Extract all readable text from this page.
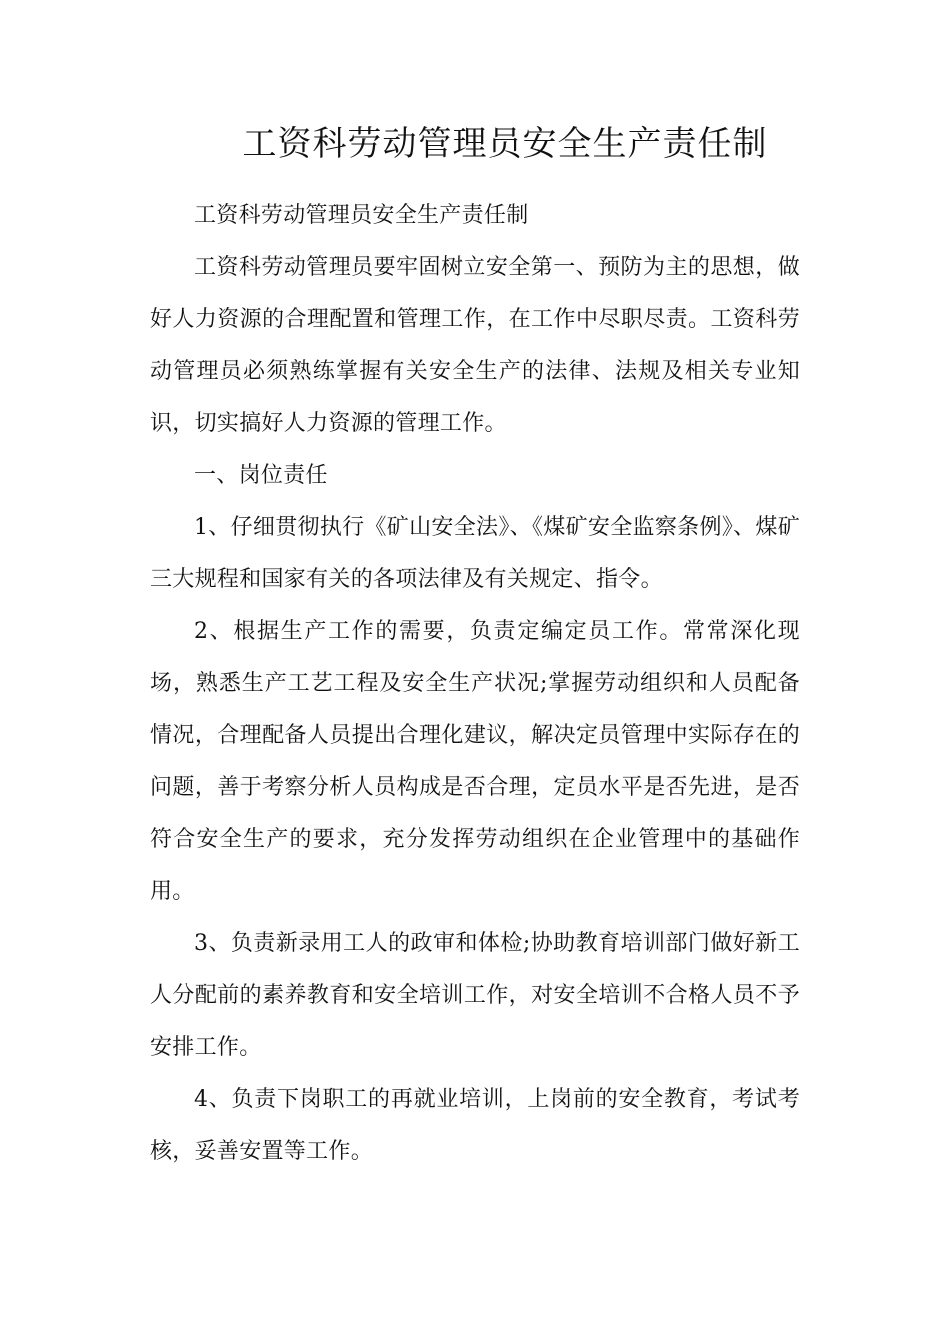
工资科劳动管理员安全生产责任制

工资科劳动管理员安全生产责任制

工资科劳动管理员要牢固树立安全第一、预防为主的思想，做好人力资源的合理配置和管理工作，在工作中尽职尽责。工资科劳动管理员必须熟练掌握有关安全生产的法律、法规及相关专业知识，切实搞好人力资源的管理工作。

一、岗位责任

1、仔细贯彻执行《矿山安全法》、《煤矿安全监察条例》、煤矿三大规程和国家有关的各项法律及有关规定、指令。

2、根据生产工作的需要，负责定编定员工作。常常深化现场，熟悉生产工艺工程及安全生产状况;掌握劳动组织和人员配备情况，合理配备人员提出合理化建议，解决定员管理中实际存在的问题，善于考察分析人员构成是否合理，定员水平是否先进，是否符合安全生产的要求，充分发挥劳动组织在企业管理中的基础作用。

3、负责新录用工人的政审和体检;协助教育培训部门做好新工人分配前的素养教育和安全培训工作，对安全培训不合格人员不予安排工作。

4、负责下岗职工的再就业培训，上岗前的安全教育，考试考核，妥善安置等工作。
